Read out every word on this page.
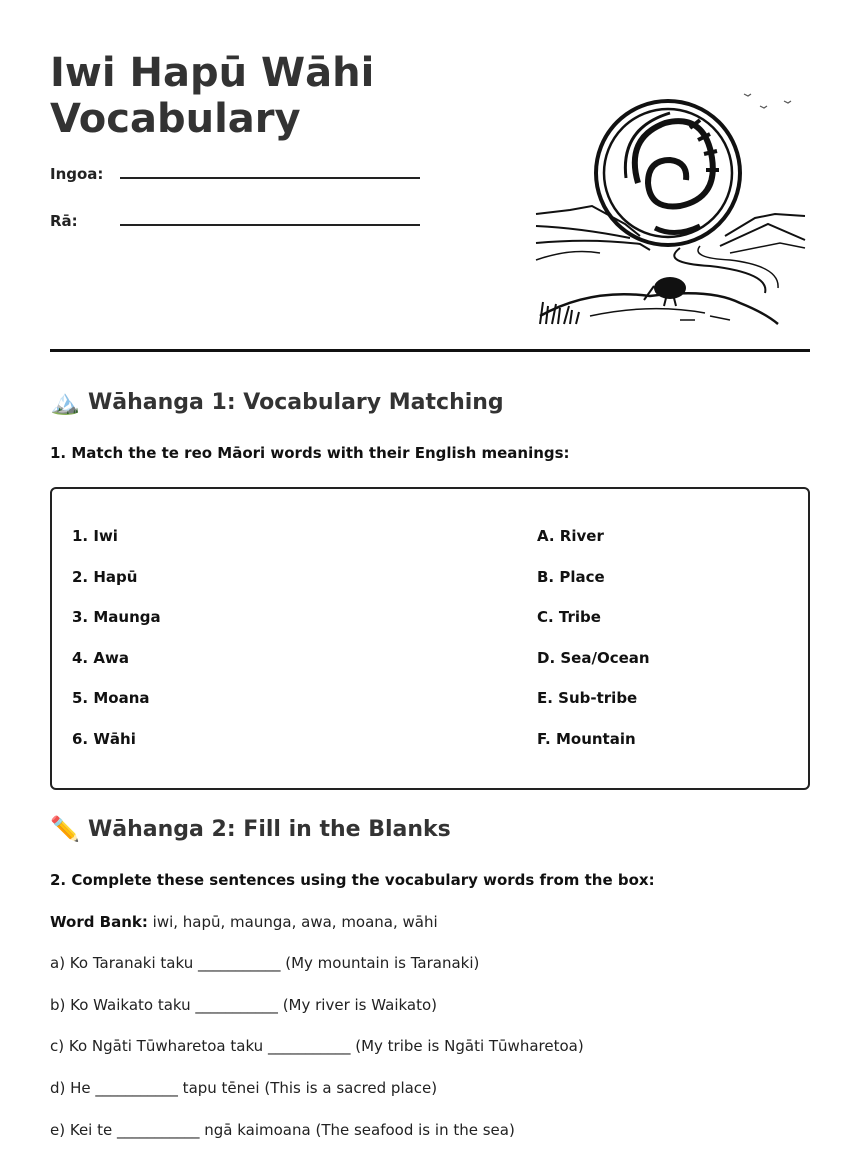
Iwi Hapū Wāhi
Vocabulary
Ingoa:
Rā:
🏔️ Wāhanga 1: Vocabulary Matching
1. Match the te reo Māori words with their English meanings:
1. Iwi
2. Hapū
3. Maunga
4. Awa
5. Moana
6. Wāhi
A. River
B. Place
C. Tribe
D. Sea/Ocean
E. Sub-tribe
F. Mountain
✏️ Wāhanga 2: Fill in the Blanks
2. Complete these sentences using the vocabulary words from the box:
Word Bank: iwi, hapū, maunga, awa, moana, wāhi
a) Ko Taranaki taku ___________ (My mountain is Taranaki)
b) Ko Waikato taku ___________ (My river is Waikato)
c) Ko Ngāti Tūwharetoa taku ___________ (My tribe is Ngāti Tūwharetoa)
d) He ___________ tapu tēnei (This is a sacred place)
e) Kei te ___________ ngā kaimoana (The seafood is in the sea)
